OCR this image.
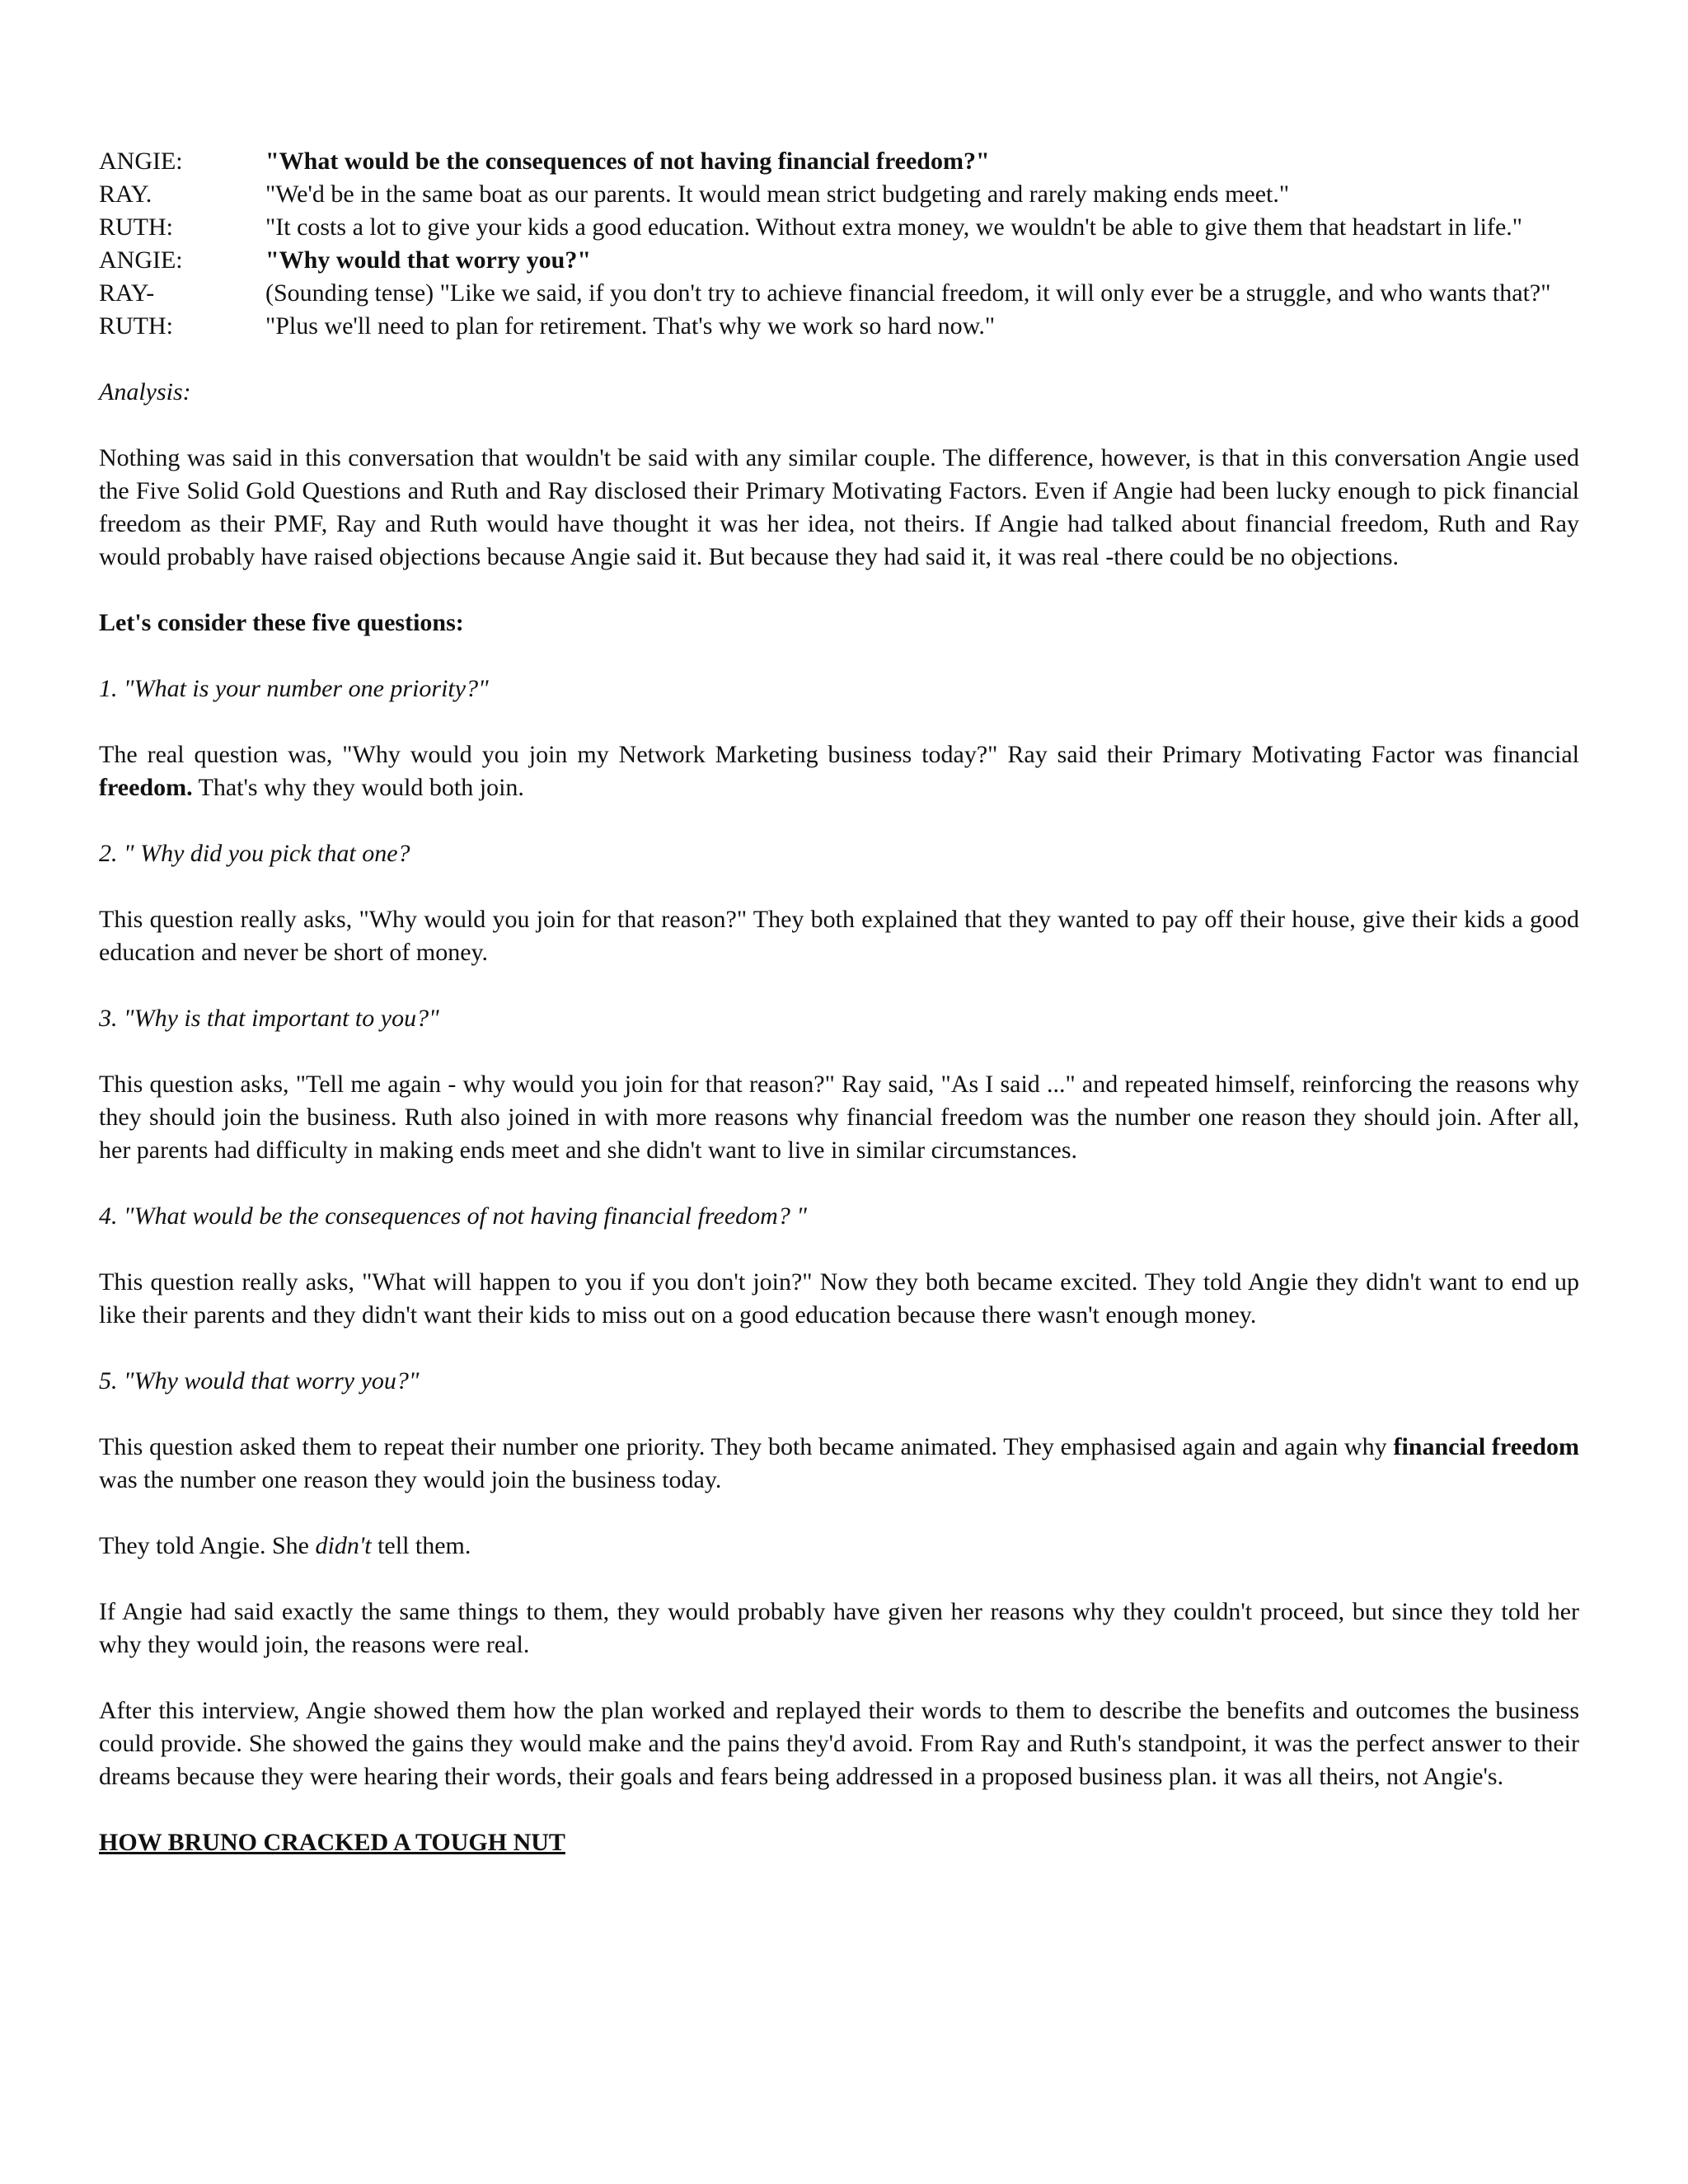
ANGIE:	"What would be the consequences of not having financial freedom?"
RAY.	"We'd be in the same boat as our parents. It would mean strict budgeting and rarely making ends meet."
RUTH:	"It costs a lot to give your kids a good education. Without extra money, we wouldn't be able to give them that headstart in life."
ANGIE:	"Why would that worry you?"
RAY-	(Sounding tense) "Like we said, if you don't try to achieve financial freedom, it will only ever be a struggle, and who wants that?"
RUTH:	"Plus we'll need to plan for retirement. That's why we work so hard now."

Analysis:

Nothing was said in this conversation that wouldn't be said with any similar couple. The difference, however, is that in this conversation Angie used the Five Solid Gold Questions and Ruth and Ray disclosed their Primary Motivating Factors. Even if Angie had been lucky enough to pick financial freedom as their PMF, Ray and Ruth would have thought it was her idea, not theirs. If Angie had talked about financial freedom, Ruth and Ray would probably have raised objections because Angie said it. But because they had said it, it was real -there could be no objections.

Let's consider these five questions:

1. "What is your number one priority?"

The real question was, "Why would you join my Network Marketing business today?" Ray said their Primary Motivating Factor was financial freedom. That's why they would both join.

2. " Why did you pick that one?

This question really asks, "Why would you join for that reason?" They both explained that they wanted to pay off their house, give their kids a good education and never be short of money.

3. "Why is that important to you?"

This question asks, "Tell me again - why would you join for that reason?" Ray said, "As I said ..." and repeated himself, reinforcing the reasons why they should join the business. Ruth also joined in with more reasons why financial freedom was the number one reason they should join. After all, her parents had difficulty in making ends meet and she didn't want to live in similar circumstances.

4. "What would be the consequences of not having financial freedom? "

This question really asks, "What will happen to you if you don't join?" Now they both became excited. They told Angie they didn't want to end up like their parents and they didn't want their kids to miss out on a good education because there wasn't enough money.

5. "Why would that worry you?"

This question asked them to repeat their number one priority. They both became animated. They emphasised again and again why financial freedom was the number one reason they would join the business today.

They told Angie. She didn't tell them.

If Angie had said exactly the same things to them, they would probably have given her reasons why they couldn't proceed, but since they told her why they would join, the reasons were real.

After this interview, Angie showed them how the plan worked and replayed their words to them to describe the benefits and outcomes the business could provide. She showed the gains they would make and the pains they'd avoid. From Ray and Ruth's standpoint, it was the perfect answer to their dreams because they were hearing their words, their goals and fears being addressed in a proposed business plan. it was all theirs, not Angie's.

HOW BRUNO CRACKED A TOUGH NUT
